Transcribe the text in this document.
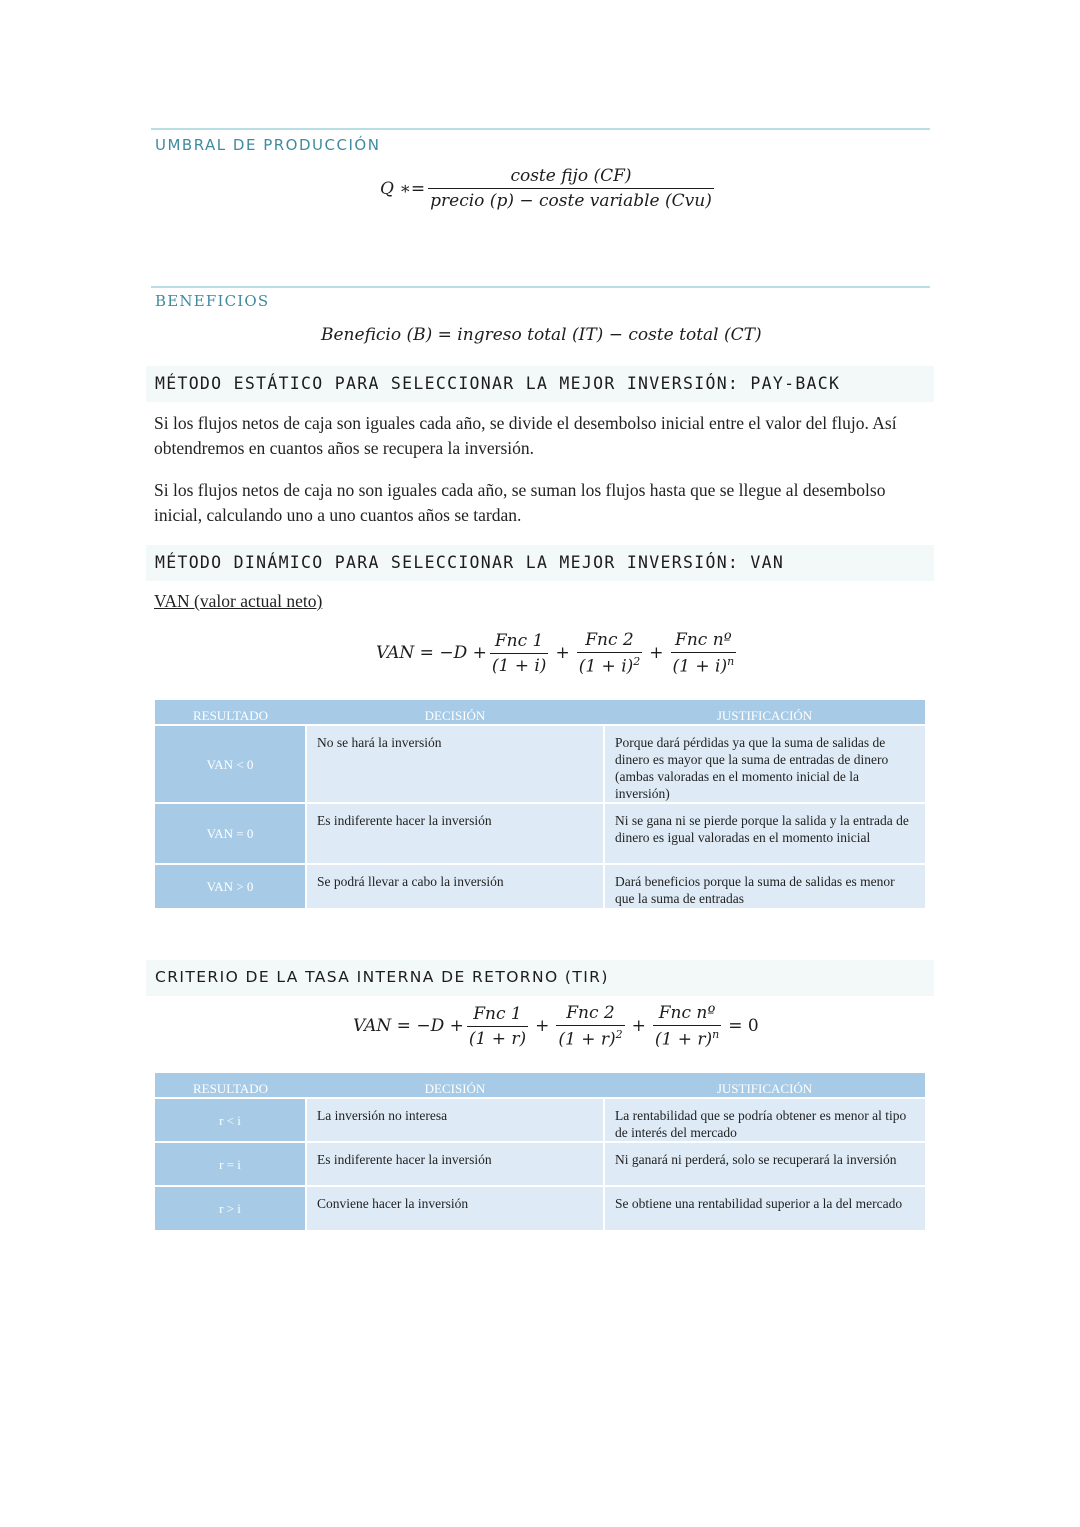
UMBRAL DE PRODUCCIÓN
Q ∗= $\frac{\text{coste fijo (CF)}}{\text{precio (p) − coste variable (Cvu)}}$
BENEFICIOS
Beneficio (B) = ingreso total (IT) − coste total (CT)
MÉTODO ESTÁTICO PARA SELECCIONAR LA MEJOR INVERSIÓN: PAY-BACK
Si los flujos netos de caja son iguales cada año, se divide el desembolso inicial entre el valor del flujo. Así obtendremos en cuantos años se recupera la inversión.
Si los flujos netos de caja no son iguales cada año, se suman los flujos hasta que se llegue al desembolso inicial, calculando uno a uno cuantos años se tardan.
MÉTODO DINÁMICO PARA SELECCIONAR LA MEJOR INVERSIÓN: VAN
VAN (valor actual neto)
VAN = $-D + \frac{\text{Fnc 1}}{(1 + i)} + \frac{\text{Fnc 2}}{(1 + i)^2} + \frac{\text{Fnc nº}}{(1 + i)^n}$
RESULTADO	DECISIÓN	JUSTIFICACIÓN
VAN < 0	No se hará la inversión	Porque dará pérdidas ya que la suma de salidas de dinero es mayor que la suma de entradas de dinero (ambas valoradas en el momento inicial de la inversión)
VAN = 0	Es indiferente hacer la inversión	Ni se gana ni se pierde porque la salida y la entrada de dinero es igual valoradas en el momento inicial
VAN > 0	Se podrá llevar a cabo la inversión	Dará beneficios porque la suma de salidas es menor que la suma de entradas
CRITERIO DE LA TASA INTERNA DE RETORNO (TIR)
VAN = $-D + \frac{\text{Fnc 1}}{(1 + r)} + \frac{\text{Fnc 2}}{(1 + r)^2} + \frac{\text{Fnc nº}}{(1 + r)^n} = 0$
RESULTADO	DECISIÓN	JUSTIFICACIÓN
r < i	La inversión no interesa	La rentabilidad que se podría obtener es menor al tipo de interés del mercado
r = i	Es indiferente hacer la inversión	Ni ganará ni perderá, solo se recuperará la inversión
r > i	Conviene hacer la inversión	Se obtiene una rentabilidad superior a la del mercado
